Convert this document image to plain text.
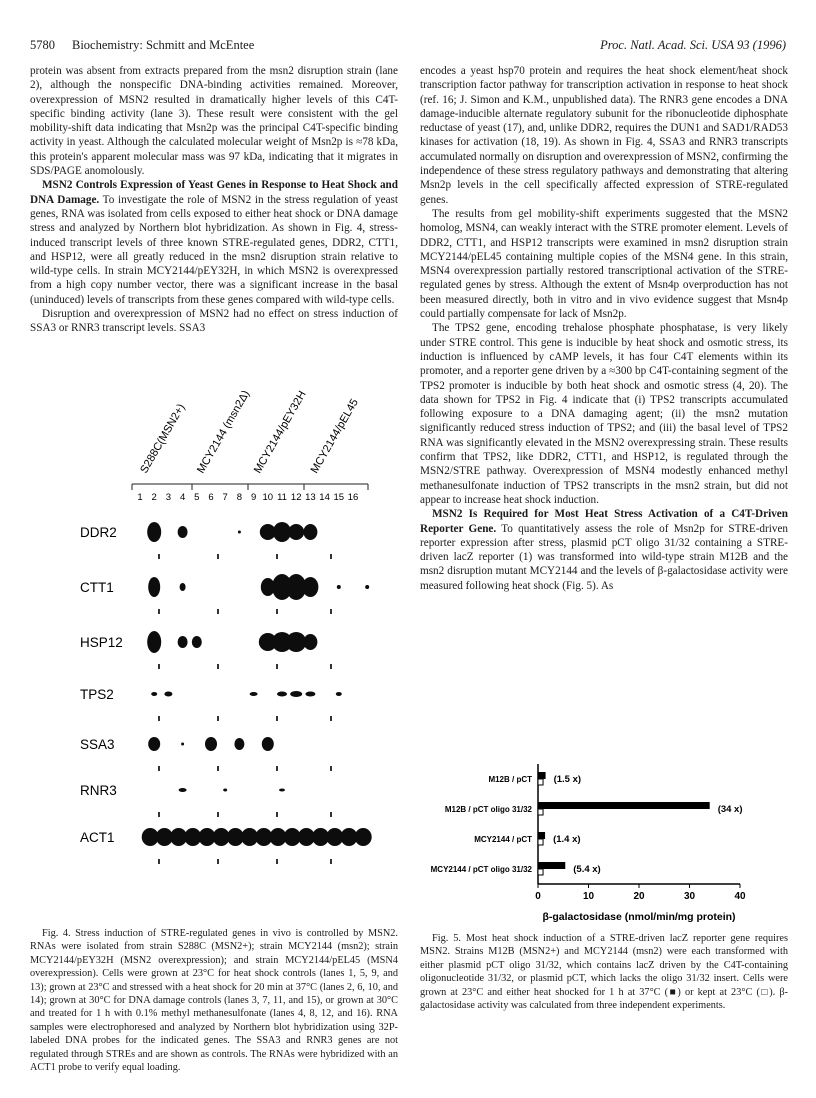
5780 Biochemistry: Schmitt and McEntee	Proc. Natl. Acad. Sci. USA 93 (1996)

protein was absent from extracts prepared from the msn2 disruption strain (lane 2), although the nonspecific DNA-binding activities remained. Moreover, overexpression of MSN2 resulted in dramatically higher levels of this C4T-specific binding activity (lane 3). These result were consistent with the gel mobility-shift data indicating that Msn2p was the principal C4T-specific binding activity in yeast. Although the calculated molecular weight of Msn2p is ≈78 kDa, this protein's apparent molecular mass was 97 kDa, indicating that it migrates in SDS/PAGE anomolously.

MSN2 Controls Expression of Yeast Genes in Response to Heat Shock and DNA Damage. To investigate the role of MSN2 in the stress regulation of yeast genes, RNA was isolated from cells exposed to either heat shock or DNA damage stress and analyzed by Northern blot hybridization. As shown in Fig. 4, stress-induced transcript levels of three known STRE-regulated genes, DDR2, CTT1, and HSP12, were all greatly reduced in the msn2 disruption strain relative to wild-type cells. In strain MCY2144/pEY32H, in which MSN2 is overexpressed from a high copy number vector, there was a significant increase in the basal (uninduced) levels of transcripts from these genes compared with wild-type cells.

Disruption and overexpression of MSN2 had no effect on stress induction of SSA3 or RNR3 transcript levels. SSA3

encodes a yeast hsp70 protein and requires the heat shock element/heat shock transcription factor pathway for transcription activation in response to heat shock (ref. 16; J. Simon and K.M., unpublished data). The RNR3 gene encodes a DNA damage-inducible alternate regulatory subunit for the ribonucleotide diphosphate reductase of yeast (17), and, unlike DDR2, requires the DUN1 and SAD1/RAD53 kinases for activation (18, 19). As shown in Fig. 4, SSA3 and RNR3 transcripts accumulated normally on disruption and overexpression of MSN2, confirming the independence of these stress regulatory pathways and demonstrating that altering Msn2p levels in the cell specifically affected expression of STRE-regulated genes.

The results from gel mobility-shift experiments suggested that the MSN2 homolog, MSN4, can weakly interact with the STRE promoter element. Levels of DDR2, CTT1, and HSP12 transcripts were examined in msn2 disruption strain MCY2144/pEL45 containing multiple copies of the MSN4 gene. In this strain, MSN4 overexpression partially restored transcriptional activation of the STRE-regulated genes by stress. Although the extent of Msn4p overproduction has not been measured directly, both in vitro and in vivo evidence suggest that Msn4p could partially compensate for lack of Msn2p.

The TPS2 gene, encoding trehalose phosphate phosphatase, is very likely under STRE control. This gene is inducible by heat shock and osmotic stress, its induction is influenced by cAMP levels, it has four C4T elements within its promoter, and a reporter gene driven by a ≈300 bp C4T-containing segment of the TPS2 promoter is inducible by both heat shock and osmotic stress (4, 20). The data shown for TPS2 in Fig. 4 indicate that (i) TPS2 transcripts accumulated following exposure to a DNA damaging agent; (ii) the msn2 mutation significantly reduced stress induction of TPS2; and (iii) the basal level of TPS2 RNA was significantly elevated in the MSN2 overexpressing strain. These results confirm that TPS2, like DDR2, CTT1, and HSP12, is regulated through the MSN2/STRE pathway. Overexpression of MSN4 modestly enhanced methyl methanesulfonate induction of TPS2 transcripts in the msn2 strain, but did not appear to increase heat shock induction.

MSN2 Is Required for Most Heat Stress Activation of a C4T-Driven Reporter Gene. To quantitatively assess the role of Msn2p for STRE-driven reporter expression after stress, plasmid pCT oligo 31/32 containing a STRE-driven lacZ reporter (1) was transformed into wild-type strain M12B and the msn2 disruption mutant MCY2144 and the levels of β-galactosidase activity were measured following heat shock (Fig. 5). As

S288C(MSN2+) MCY2144 (msn2Δ) MCY2144/pEY32H MCY2144/pEL45
1 2 3 4 5 6 7 8 9 10 11 12 13 14 15 16
DDR2
CTT1
HSP12
TPS2
SSA3
RNR3
ACT1

Fig. 4. Stress induction of STRE-regulated genes in vivo is controlled by MSN2. RNAs were isolated from strain S288C (MSN2+); strain MCY2144 (msn2); strain MCY2144/pEY32H (MSN2 overexpression); and strain MCY2144/pEL45 (MSN4 overexpression). Cells were grown at 23°C for heat shock controls (lanes 1, 5, 9, and 13); grown at 23°C and stressed with a heat shock for 20 min at 37°C (lanes 2, 6, 10, and 14); grown at 30°C for DNA damage controls (lanes 3, 7, 11, and 15), or grown at 30°C and treated for 1 h with 0.1% methyl methanesulfonate (lanes 4, 8, 12, and 16). RNA samples were electrophoresed and analyzed by Northern blot hybridization using 32P-labeled DNA probes for the indicated genes. The SSA3 and RNR3 genes are not regulated through STREs and are shown as controls. The RNAs were hybridized with an ACT1 probe to verify equal loading.

0	10	20	30	40
β-galactosidase (nmol/min/mg protein)
M12B / pCT (1.5 x)
M12B / pCT oligo 31/32	(34 x)
MCY2144 / pCT (1.4 x)
MCY2144 / pCT oligo 31/32	(5.4 x)

Fig. 5. Most heat shock induction of a STRE-driven lacZ reporter gene requires MSN2. Strains M12B (MSN2+) and MCY2144 (msn2) were each transformed with either plasmid pCT oligo 31/32, which contains lacZ driven by the C4T-containing oligonucleotide 31/32, or plasmid pCT, which lacks the oligo 31/32 insert. Cells were grown at 23°C and either heat shocked for 1 h at 37°C (■) or kept at 23°C (□). β-galactosidase activity was calculated from three independent experiments.
